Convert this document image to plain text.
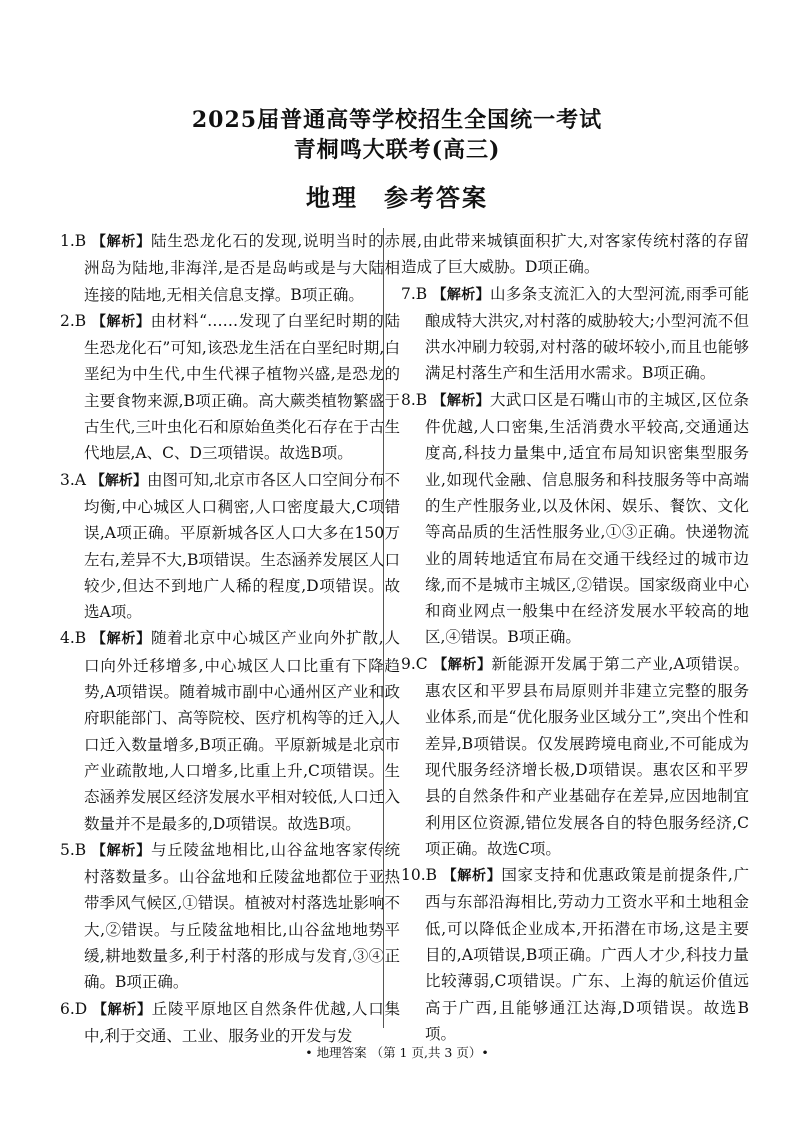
2025届普通高等学校招生全国统一考试
青桐鸣大联考(高三)
地理　参考答案

1.B 【解析】陆生恐龙化石的发现,说明当时的赤洲岛为陆地,非海洋,是否是岛屿或是与大陆相连接的陆地,无相关信息支撑。B项正确。

2.B 【解析】由材料“……发现了白垩纪时期的陆生恐龙化石”可知,该恐龙生活在白垩纪时期,白垩纪为中生代,中生代裸子植物兴盛,是恐龙的主要食物来源,B项正确。高大蕨类植物繁盛于古生代,三叶虫化石和原始鱼类化石存在于古生代地层,A、C、D三项错误。故选B项。

3.A 【解析】由图可知,北京市各区人口空间分布不均衡,中心城区人口稠密,人口密度最大,C项错误,A项正确。平原新城各区人口大多在150万左右,差异不大,B项错误。生态涵养发展区人口较少,但达不到地广人稀的程度,D项错误。故选A项。

4.B 【解析】随着北京中心城区产业向外扩散,人口向外迁移增多,中心城区人口比重有下降趋势,A项错误。随着城市副中心通州区产业和政府职能部门、高等院校、医疗机构等的迁入,人口迁入数量增多,B项正确。平原新城是北京市产业疏散地,人口增多,比重上升,C项错误。生态涵养发展区经济发展水平相对较低,人口迁入数量并不是最多的,D项错误。故选B项。

5.B 【解析】与丘陵盆地相比,山谷盆地客家传统村落数量多。山谷盆地和丘陵盆地都位于亚热带季风气候区,①错误。植被对村落选址影响不大,②错误。与丘陵盆地相比,山谷盆地地势平缓,耕地数量多,利于村落的形成与发育,③④正确。B项正确。

6.D 【解析】丘陵平原地区自然条件优越,人口集中,利于交通、工业、服务业的开发与发

展,由此带来城镇面积扩大,对客家传统村落的存留造成了巨大威胁。D项正确。

7.B 【解析】山多条支流汇入的大型河流,雨季可能酿成特大洪灾,对村落的威胁较大;小型河流不但洪水冲刷力较弱,对村落的破坏较小,而且也能够满足村落生产和生活用水需求。B项正确。

8.B 【解析】大武口区是石嘴山市的主城区,区位条件优越,人口密集,生活消费水平较高,交通通达度高,科技力量集中,适宜布局知识密集型服务业,如现代金融、信息服务和科技服务等中高端的生产性服务业,以及休闲、娱乐、餐饮、文化等高品质的生活性服务业,①③正确。快递物流业的周转地适宜布局在交通干线经过的城市边缘,而不是城市主城区,②错误。国家级商业中心和商业网点一般集中在经济发展水平较高的地区,④错误。B项正确。

9.C 【解析】新能源开发属于第二产业,A项错误。惠农区和平罗县布局原则并非建立完整的服务业体系,而是“优化服务业区域分工”,突出个性和差异,B项错误。仅发展跨境电商业,不可能成为现代服务经济增长极,D项错误。惠农区和平罗县的自然条件和产业基础存在差异,应因地制宜利用区位资源,错位发展各自的特色服务经济,C项正确。故选C项。

10.B 【解析】国家支持和优惠政策是前提条件,广西与东部沿海相比,劳动力工资水平和土地租金低,可以降低企业成本,开拓潜在市场,这是主要目的,A项错误,B项正确。广西人才少,科技力量比较薄弱,C项错误。广东、上海的航运价值远高于广西,且能够通江达海,D项错误。故选B项。

• 地理答案 （第 1 页,共 3 页）•
